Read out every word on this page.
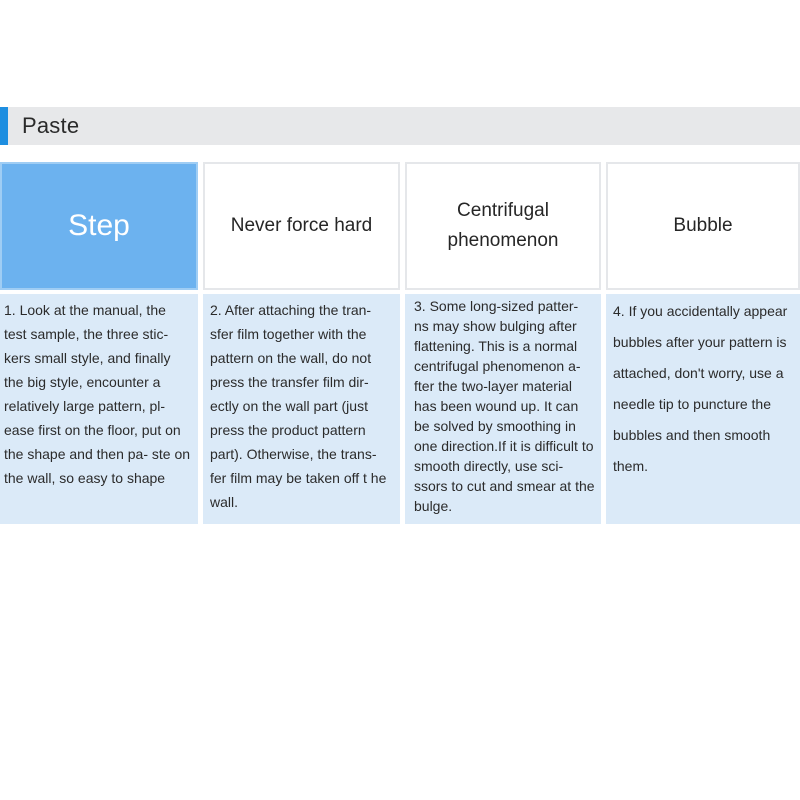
Paste
Step	Never force hard
Centrifugal phenomenon
Bubble
1. Look at the manual, the test sample, the three stic- kers small style, and finally the big style, encounter a relatively large pattern, pl- ease first on the floor, put on the shape and then pa- ste on the wall, so easy to shape
2. After attaching the tran- sfer film together with the pattern on the wall, do not press the transfer film dir- ectly on the wall part (just press the product pattern part). Otherwise, the trans- fer film may be taken off t he wall.
3. Some long-sized patter- ns may show bulging after flattening. This is a normal centrifugal phenomenon a- fter the two-layer material has been wound up. It can be solved by smoothing in one direction.If it is difficult to smooth directly, use sci- ssors to cut and smear at the bulge.
4. If you accidentally appear bubbles after your pattern is attached, don't worry, use a needle tip to puncture the bubbles and then smooth them.
